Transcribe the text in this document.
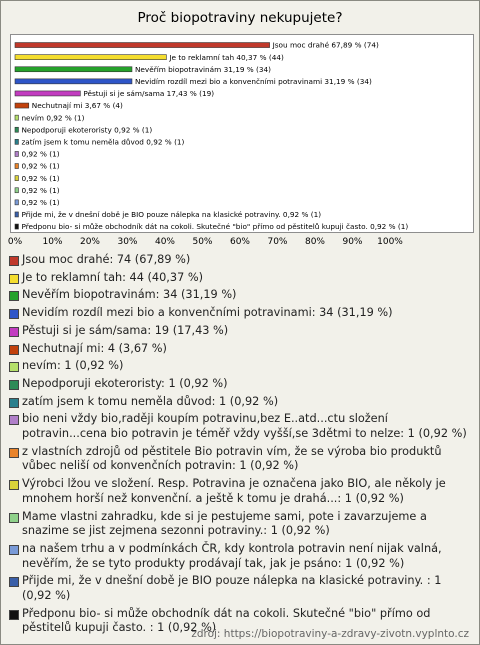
Proč biopotraviny nekupujete?
Jsou moc drahé 67,89 % (74)
Je to reklamní tah 40,37 % (44)
Nevěřím biopotravinám 31,19 % (34)
Nevidím rozdíl mezi bio a konvenčními potravinami 31,19 % (34)
Pěstuji si je sám/sama 17,43 % (19)
Nechutnají mi 3,67 % (4)
nevím 0,92 % (1)
Nepodporuji ekoteroristy 0,92 % (1)
zatím jsem k tomu neměla důvod 0,92 % (1)
0,92 % (1)
0,92 % (1)
0,92 % (1)
0,92 % (1)
0,92 % (1)
Přijde mi, že v dnešní době je BIO pouze nálepka na klasické potraviny. 0,92 % (1)
Předponu bio- si může obchodník dát na cokoli. Skutečné "bio" přímo od pěstitelů kupuji často. 0,92 % (1)
0% 10% 20% 30% 40% 50% 60% 70% 80% 90% 100%
Jsou moc drahé: 74 (67,89 %)
Je to reklamní tah: 44 (40,37 %)
Nevěřím biopotravinám: 34 (31,19 %)
Nevidím rozdíl mezi bio a konvenčními potravinami: 34 (31,19 %)
Pěstuji si je sám/sama: 19 (17,43 %)
Nechutnají mi: 4 (3,67 %)
nevím: 1 (0,92 %)
Nepodporuji ekoteroristy: 1 (0,92 %)
zatím jsem k tomu neměla důvod: 1 (0,92 %)
bio neni vždy bio,raději koupím potravinu,bez E..atd...ctu složení potravin...cena bio potravin je téměř vždy vyšší,se 3dětmi to nelze: 1 (0,92 %)
z vlastních zdrojů od pěstitele Bio potravin vím, že se výroba bio produktů vůbec neliší od konvenčních potravin: 1 (0,92 %)
Výrobci lžou ve složení. Resp. Potravina je označena jako BIO, ale několy je mnohem horší než konvenční. a ještě k tomu je drahá...: 1 (0,92 %)
Mame vlastni zahradku, kde si je pestujeme sami, pote i zavarzujeme a snazime se jist zejmena sezonni potraviny.: 1 (0,92 %)
na našem trhu a v podmínkách ČR, kdy kontrola potravin není nijak valná, nevěřím, že se tyto produkty prodávají tak, jak je psáno: 1 (0,92 %)
Přijde mi, že v dnešní době je BIO pouze nálepka na klasické potraviny. : 1 (0,92 %)
Předponu bio- si může obchodník dát na cokoli. Skutečné "bio" přímo od pěstitelů kupuji často. : 1 (0,92 %)
zdroj: https://biopotraviny-a-zdravy-zivotn.vyplnto.cz
